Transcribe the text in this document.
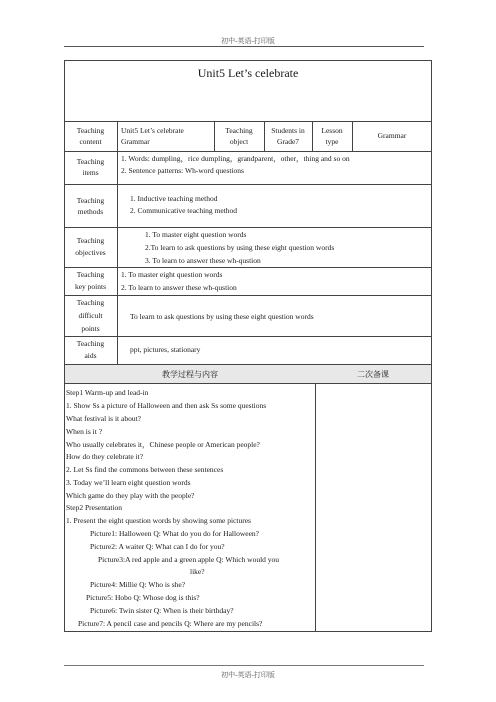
初中-英语-打印版
初中-英语-打印版
Unit5 Let’s celebrate
Teaching
content
Unit5 Let’s celebrate
Grammar
Teaching
object
Students in
Grade7
Lesson
type
Grammar
Teaching
items
1. Words: dumpling，rice dumpling，grandparent，other，thing and so on
2. Sentence patterns: Wh-word questions
Teaching
methods
1. Inductive teaching method
2. Communicative teaching method
Teaching
objectives
1. To master eight question words
2.To learn to ask questions by using these eight question words
3. To learn to answer these wh-qustion
Teaching
key points
1. To master eight question words
2. To learn to answer these wh-qustion
Teaching
difficult
points
To learn to ask questions by using these eight question words
Teaching
aids
ppt, pictures, stationary
教学过程与内容	二次备课
Step1 Warm-up and lead-in
1. Show Ss a picture of Halloween and then ask Ss some questions
What festival is it about?
When is it ?
Who usually celebrates it，Chinese people or American people?
How do they celebrate it?
2. Let Ss find the commons between these sentences
3. Today we’ll learn eight question words
Which game do they play with the people?
Step2 Presentation
1. Present the eight question words by showing some pictures
Picture1: Halloween Q: What do you do for Halloween?
Picture2: A waiter Q: What can I do for you?
Picture3:A red apple and a green apple Q: Which would you
like?
Picture4: Millie Q: Who is she?
Picture5: Hobo Q: Whose dog is this?
Picture6: Twin sister Q: When is their birthday?
Picture7: A pencil case and pencils Q: Where are my pencils?
